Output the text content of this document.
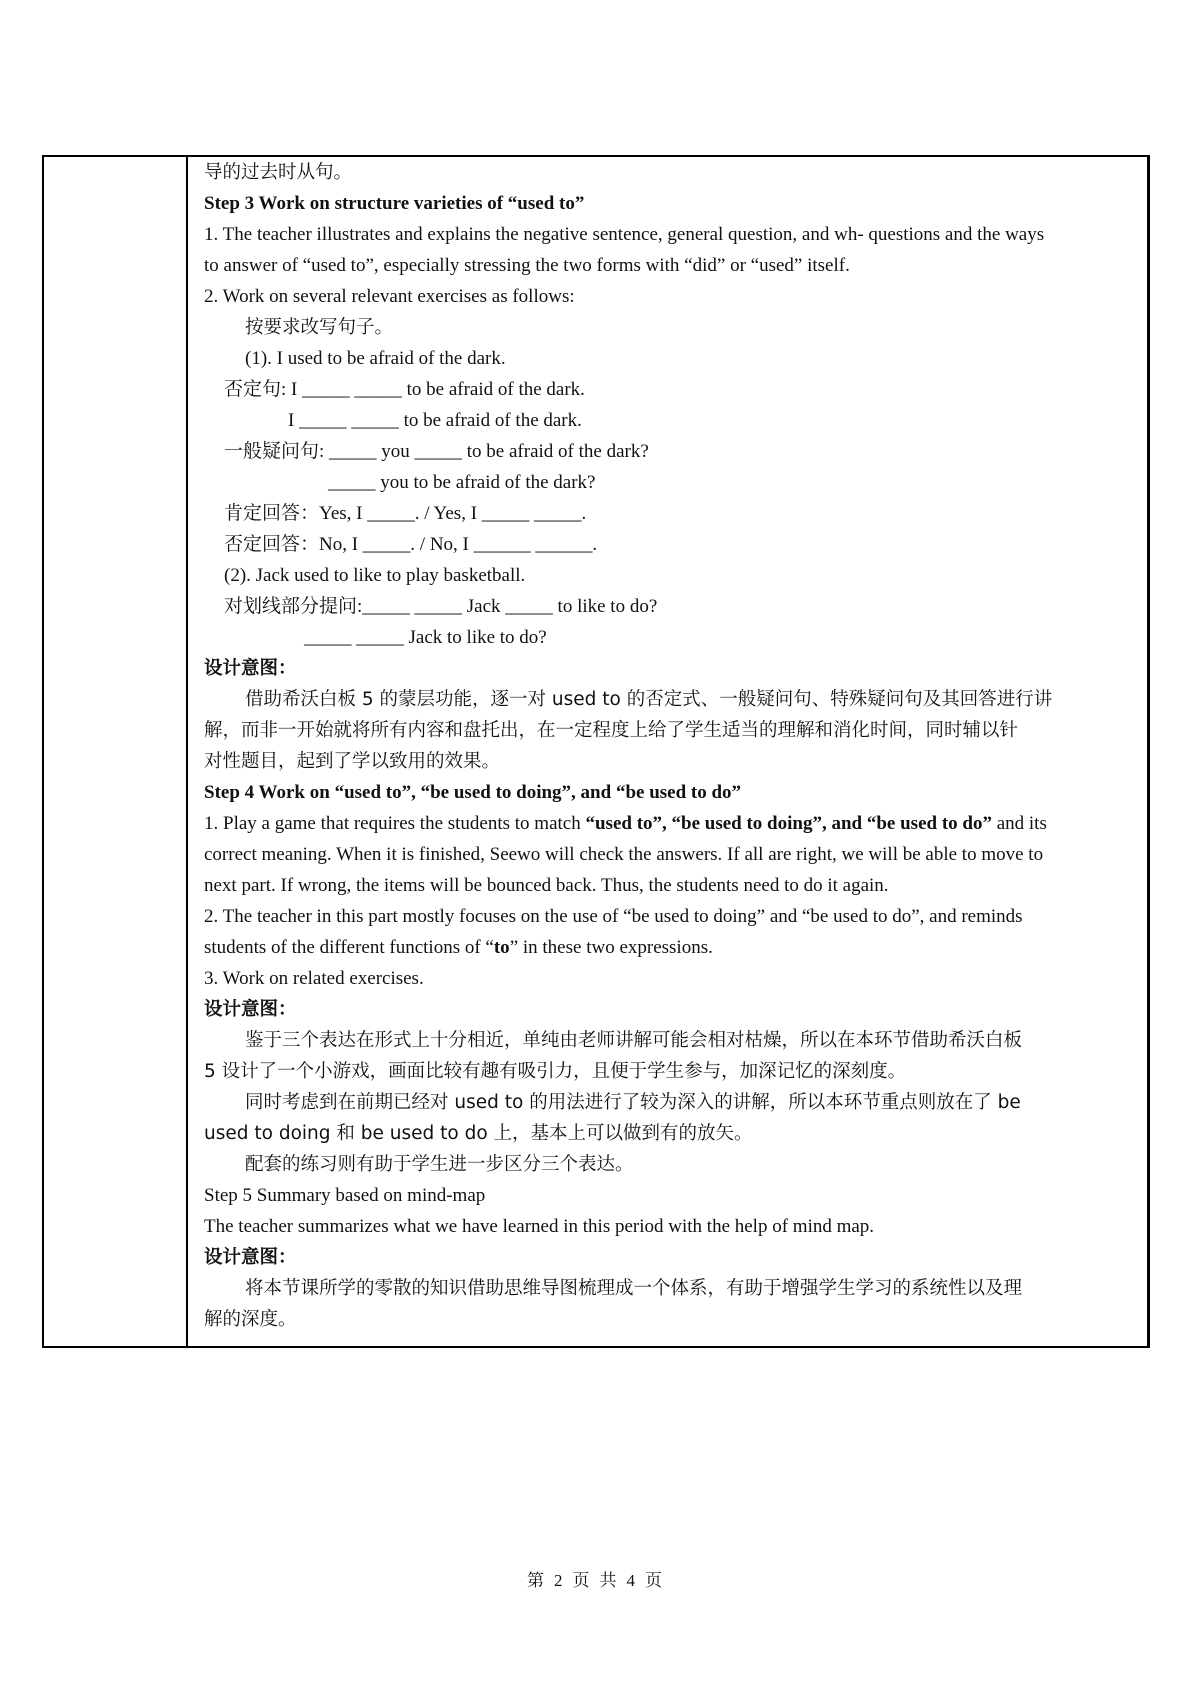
导的过去时从句。
Step 3 Work on structure varieties of “used to”
1. The teacher illustrates and explains the negative sentence, general question, and wh- questions and the ways
to answer of “used to”, especially stressing the two forms with “did” or “used” itself.
2. Work on several relevant exercises as follows:
按要求改写句子。
(1). I used to be afraid of the dark.
否定句: I _____ _____ to be afraid of the dark.
I _____ _____ to be afraid of the dark.
一般疑问句: _____ you _____ to be afraid of the dark?
_____ you to be afraid of the dark?
肯定回答：Yes, I _____. / Yes, I _____ _____.
否定回答：No, I _____. / No, I ______ ______.
(2). Jack used to like to play basketball.
对划线部分提问:_____ _____ Jack _____ to like to do?
_____ _____ Jack to like to do?
设计意图：
借助希沃白板 5 的蒙层功能，逐一对 used to 的否定式、一般疑问句、特殊疑问句及其回答进行讲
解，而非一开始就将所有内容和盘托出，在一定程度上给了学生适当的理解和消化时间，同时辅以针
对性题目，起到了学以致用的效果。
Step 4 Work on “used to”, “be used to doing”, and “be used to do”
1. Play a game that requires the students to match “used to”, “be used to doing”, and “be used to do” and its
correct meaning. When it is finished, Seewo will check the answers. If all are right, we will be able to move to
next part. If wrong, the items will be bounced back. Thus, the students need to do it again.
2. The teacher in this part mostly focuses on the use of “be used to doing” and “be used to do”, and reminds
students of the different functions of “to” in these two expressions.
3. Work on related exercises.
设计意图：
鉴于三个表达在形式上十分相近，单纯由老师讲解可能会相对枯燥，所以在本环节借助希沃白板
5 设计了一个小游戏，画面比较有趣有吸引力，且便于学生参与，加深记忆的深刻度。
同时考虑到在前期已经对 used to 的用法进行了较为深入的讲解，所以本环节重点则放在了 be
used to doing 和 be used to do 上，基本上可以做到有的放矢。
配套的练习则有助于学生进一步区分三个表达。
Step 5 Summary based on mind-map
The teacher summarizes what we have learned in this period with the help of mind map.
设计意图：
将本节课所学的零散的知识借助思维导图梳理成一个体系，有助于增强学生学习的系统性以及理
解的深度。
第 2 页 共 4 页
